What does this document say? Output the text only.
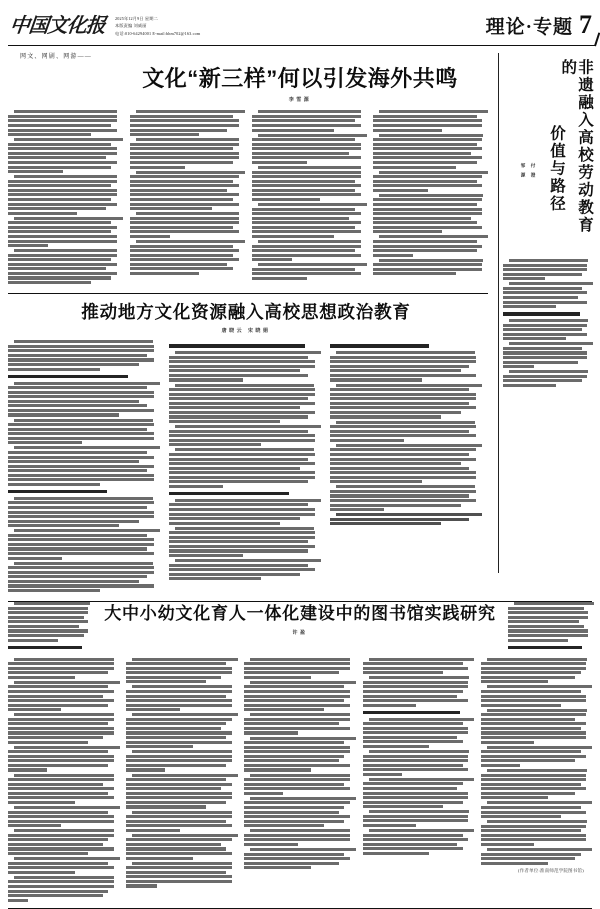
中国文化报 2025年12月9日 星期二
本版责编 刘威丽
电话:010-64294001 E-mail:bhm702@163.com	理论·专题 7
非遗融入高校劳动教育的
价值与路径
付澄
邹源
网文、网剧、网游——
文化“新三样”何以引发海外共鸣
李雪源
推动地方文化资源融入高校思想政治教育
唐晓云 宋晓娟
大中小幼文化育人一体化建设中的图书馆实践研究
许盈
(作者单位:淮南师范学院图书馆)
